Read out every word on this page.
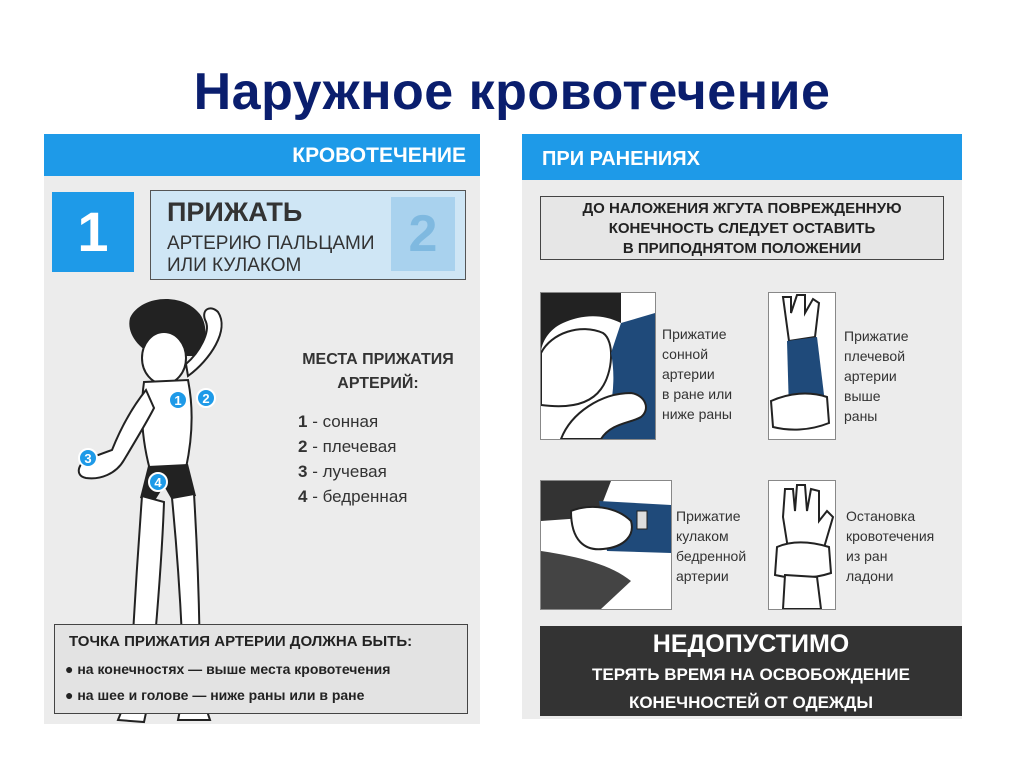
Наружное кровотечение
КРОВОТЕЧЕНИЕ
1	2
ПРИЖАТЬ
АРТЕРИЮ ПАЛЬЦАМИ
ИЛИ КУЛАКОМ
1 2
3
4
МЕСТА ПРИЖАТИЯ
АРТЕРИЙ:
1 - сонная
2 - плечевая
3 - лучевая
4 - бедренная
ТОЧКА ПРИЖАТИЯ АРТЕРИИ ДОЛЖНА БЫТЬ:
● на конечностях — выше места кровотечения
● на шее и голове — ниже раны или в ране
ПРИ РАНЕНИЯХ
ДО НАЛОЖЕНИЯ ЖГУТА ПОВРЕЖДЕННУЮ
КОНЕЧНОСТЬ СЛЕДУЕТ ОСТАВИТЬ
В ПРИПОДНЯТОМ ПОЛОЖЕНИИ
Прижатие
сонной
артерии
в ране или
ниже раны
Прижатие
плечевой
артерии
выше
раны
Прижатие
кулаком
бедренной
артерии
Остановка
кровотечения
из ран
ладони
НЕДОПУСТИМО
ТЕРЯТЬ ВРЕМЯ НА ОСВОБОЖДЕНИЕ
КОНЕЧНОСТЕЙ ОТ ОДЕЖДЫ
